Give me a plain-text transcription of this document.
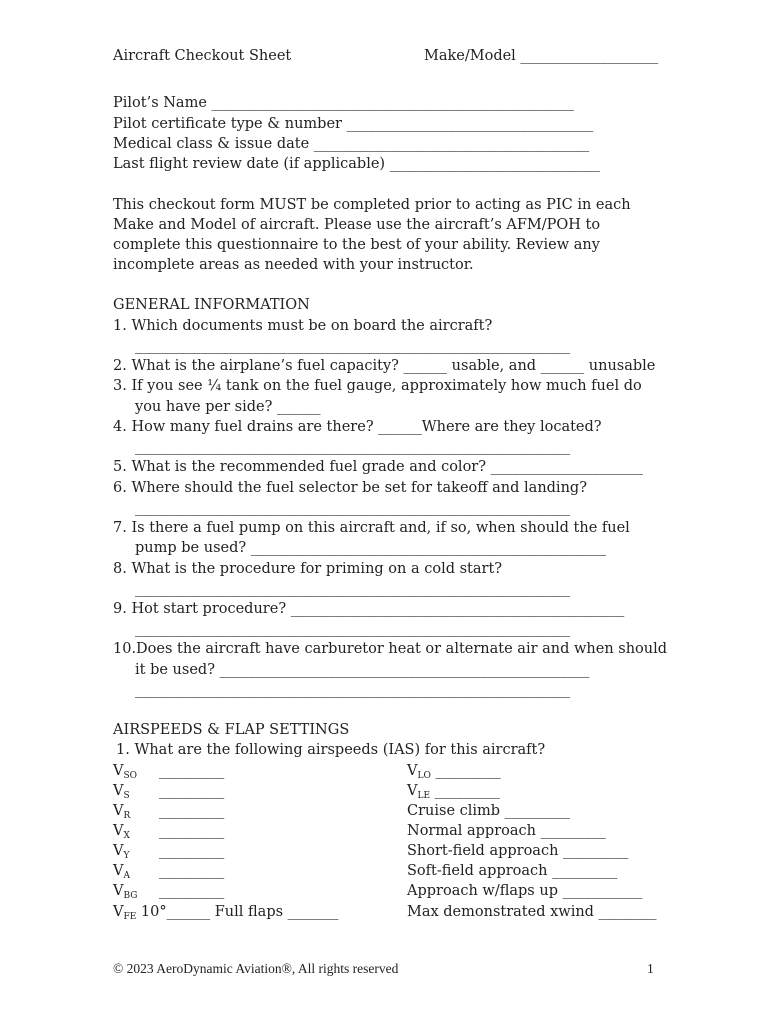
Aircraft Checkout Sheet	Make/Model ___________________
Pilot’s Name __________________________________________________
Pilot certificate type & number __________________________________
Medical class & issue date ______________________________________
Last flight review date (if applicable) _____________________________
This checkout form MUST be completed prior to acting as PIC in each
Make and Model of aircraft. Please use the aircraft’s AFM/POH to
complete this questionnaire to the best of your ability. Review any
incomplete areas as needed with your instructor.
GENERAL INFORMATION
1. Which documents must be on board the aircraft?
____________________________________________________________
2. What is the airplane’s fuel capacity? ______ usable, and ______ unusable
3. If you see ¼ tank on the fuel gauge, approximately how much fuel do
you have per side? ______
4. How many fuel drains are there? ______Where are they located?
____________________________________________________________
5. What is the recommended fuel grade and color? _____________________
6. Where should the fuel selector be set for takeoff and landing?
____________________________________________________________
7. Is there a fuel pump on this aircraft and, if so, when should the fuel
pump be used? _________________________________________________
8. What is the procedure for priming on a cold start?
____________________________________________________________
9. Hot start procedure? ______________________________________________
____________________________________________________________
10.Does the aircraft have carburetor heat or alternate air and when should
it be used? ___________________________________________________
____________________________________________________________
AIRSPEEDS & FLAP SETTINGS
1. What are the following airspeeds (IAS) for this aircraft?
$V_{SO}$ _________
$V_S$ _________
$V_R$ _________
$V_X$ _________
$V_Y$ _________
$V_A$ _________
$V_{BG}$ _________
$V_{FE}$ 10°______ Full flaps _______
$V_{LO}$ _________
$V_{LE}$ _________
Cruise climb _________
Normal approach _________
Short-field approach _________
Soft-field approach _________
Approach w/flaps up ___________
Max demonstrated xwind ________
© 2023 AeroDynamic Aviation®, All rights reserved	1
